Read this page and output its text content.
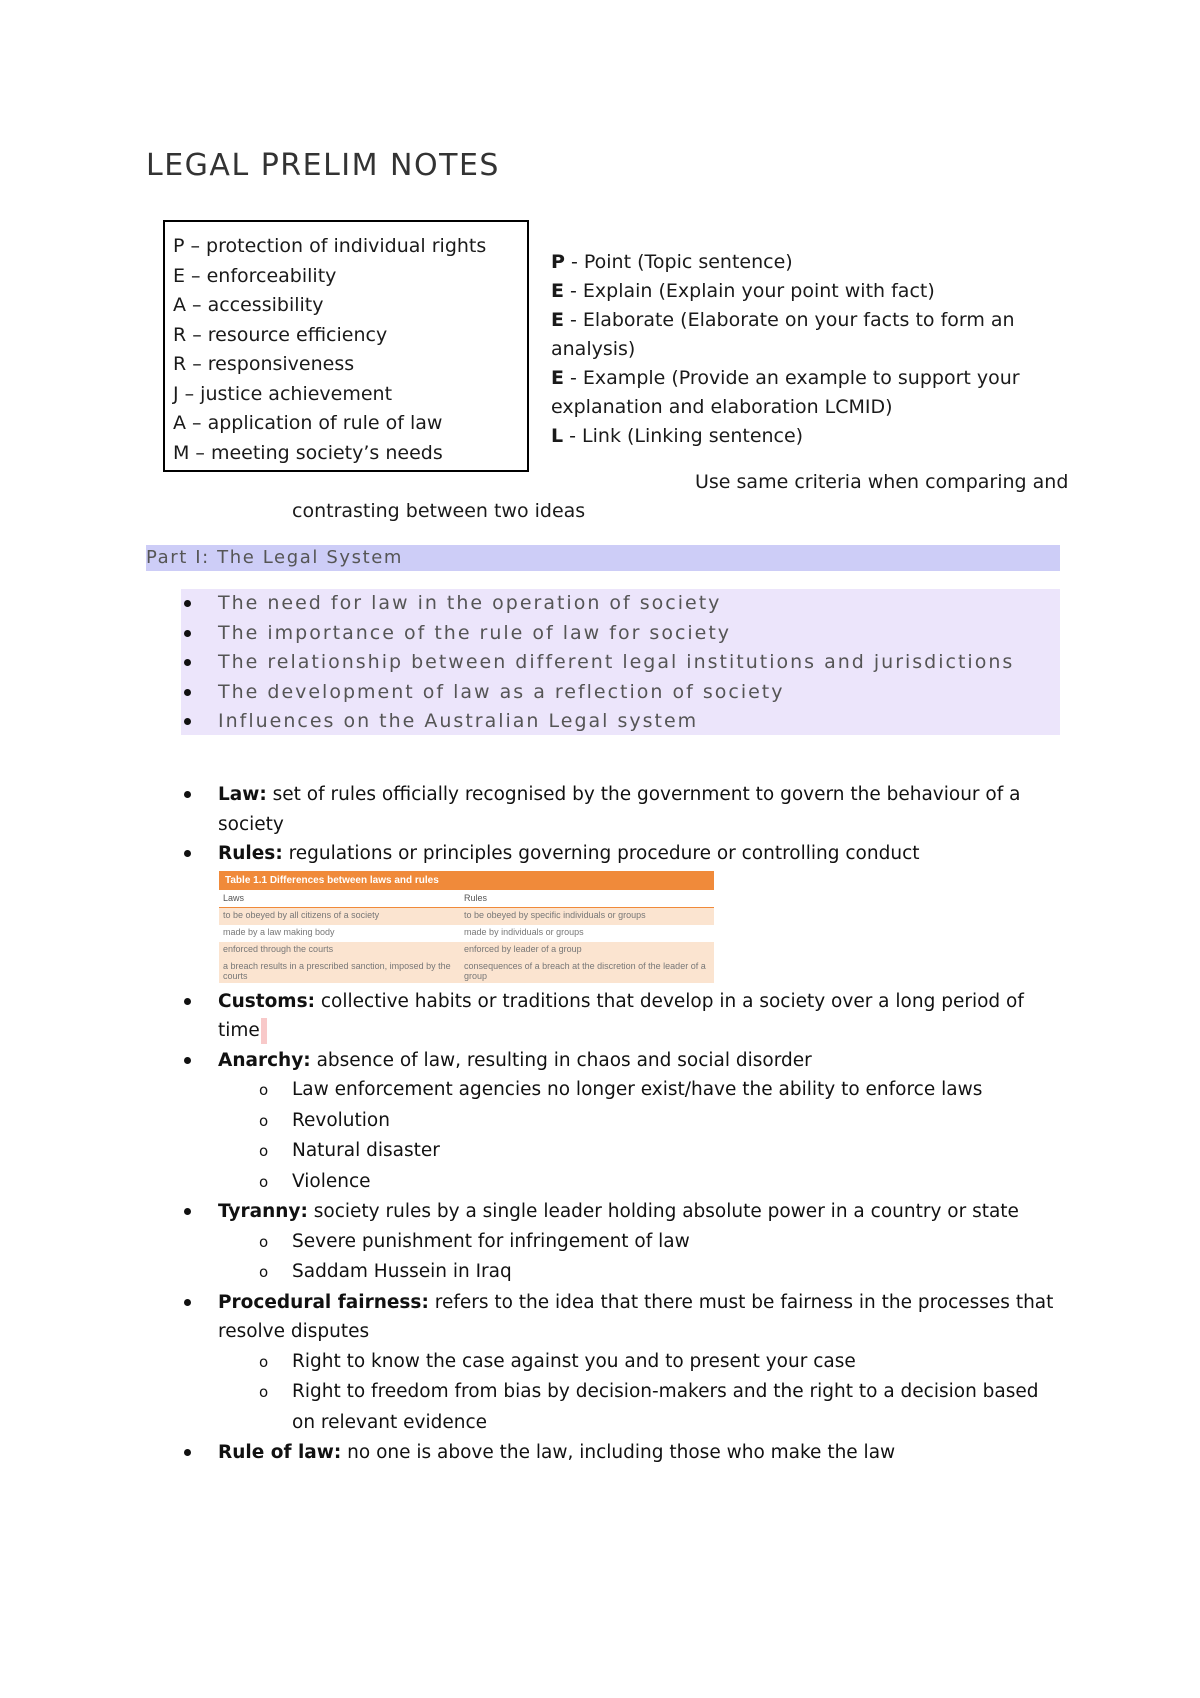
LEGAL PRELIM NOTES
P – protection of individual rights
E – enforceability
A – accessibility
R – resource efficiency
R – responsiveness
J – justice achievement
A – application of rule of law
M – meeting society’s needs
P - Point (Topic sentence)
E - Explain (Explain your point with fact)
E - Elaborate (Elaborate on your facts to form an analysis)
E - Example (Provide an example to support your explanation and elaboration LCMID)
L - Link (Linking sentence)
Use same criteria when comparing and
contrasting between two ideas
Part I: The Legal System
The need for law in the operation of society
The importance of the rule of law for society
The relationship between different legal institutions and jurisdictions
The development of law as a reflection of society
Influences on the Australian Legal system
Law: set of rules officially recognised by the government to govern the behaviour of a society
Rules: regulations or principles governing procedure or controlling conduct
Table 1.1 Differences between laws and rules
Laws	Rules
to be obeyed by all citizens of a society	to be obeyed by specific individuals or groups
made by a law making body	made by individuals or groups
enforced through the courts	enforced by leader of a group
a breach results in a prescribed sanction, imposed by the courts	consequences of a breach at the discretion of the leader of a group
Customs: collective habits or traditions that develop in a society over a long period of time
Anarchy: absence of law, resulting in chaos and social disorder
o Law enforcement agencies no longer exist/have the ability to enforce laws
o Revolution
o Natural disaster
o Violence
Tyranny: society rules by a single leader holding absolute power in a country or state
o Severe punishment for infringement of law
o Saddam Hussein in Iraq
Procedural fairness: refers to the idea that there must be fairness in the processes that resolve disputes
o Right to know the case against you and to present your case
o Right to freedom from bias by decision-makers and the right to a decision based on relevant evidence
Rule of law: no one is above the law, including those who make the law
